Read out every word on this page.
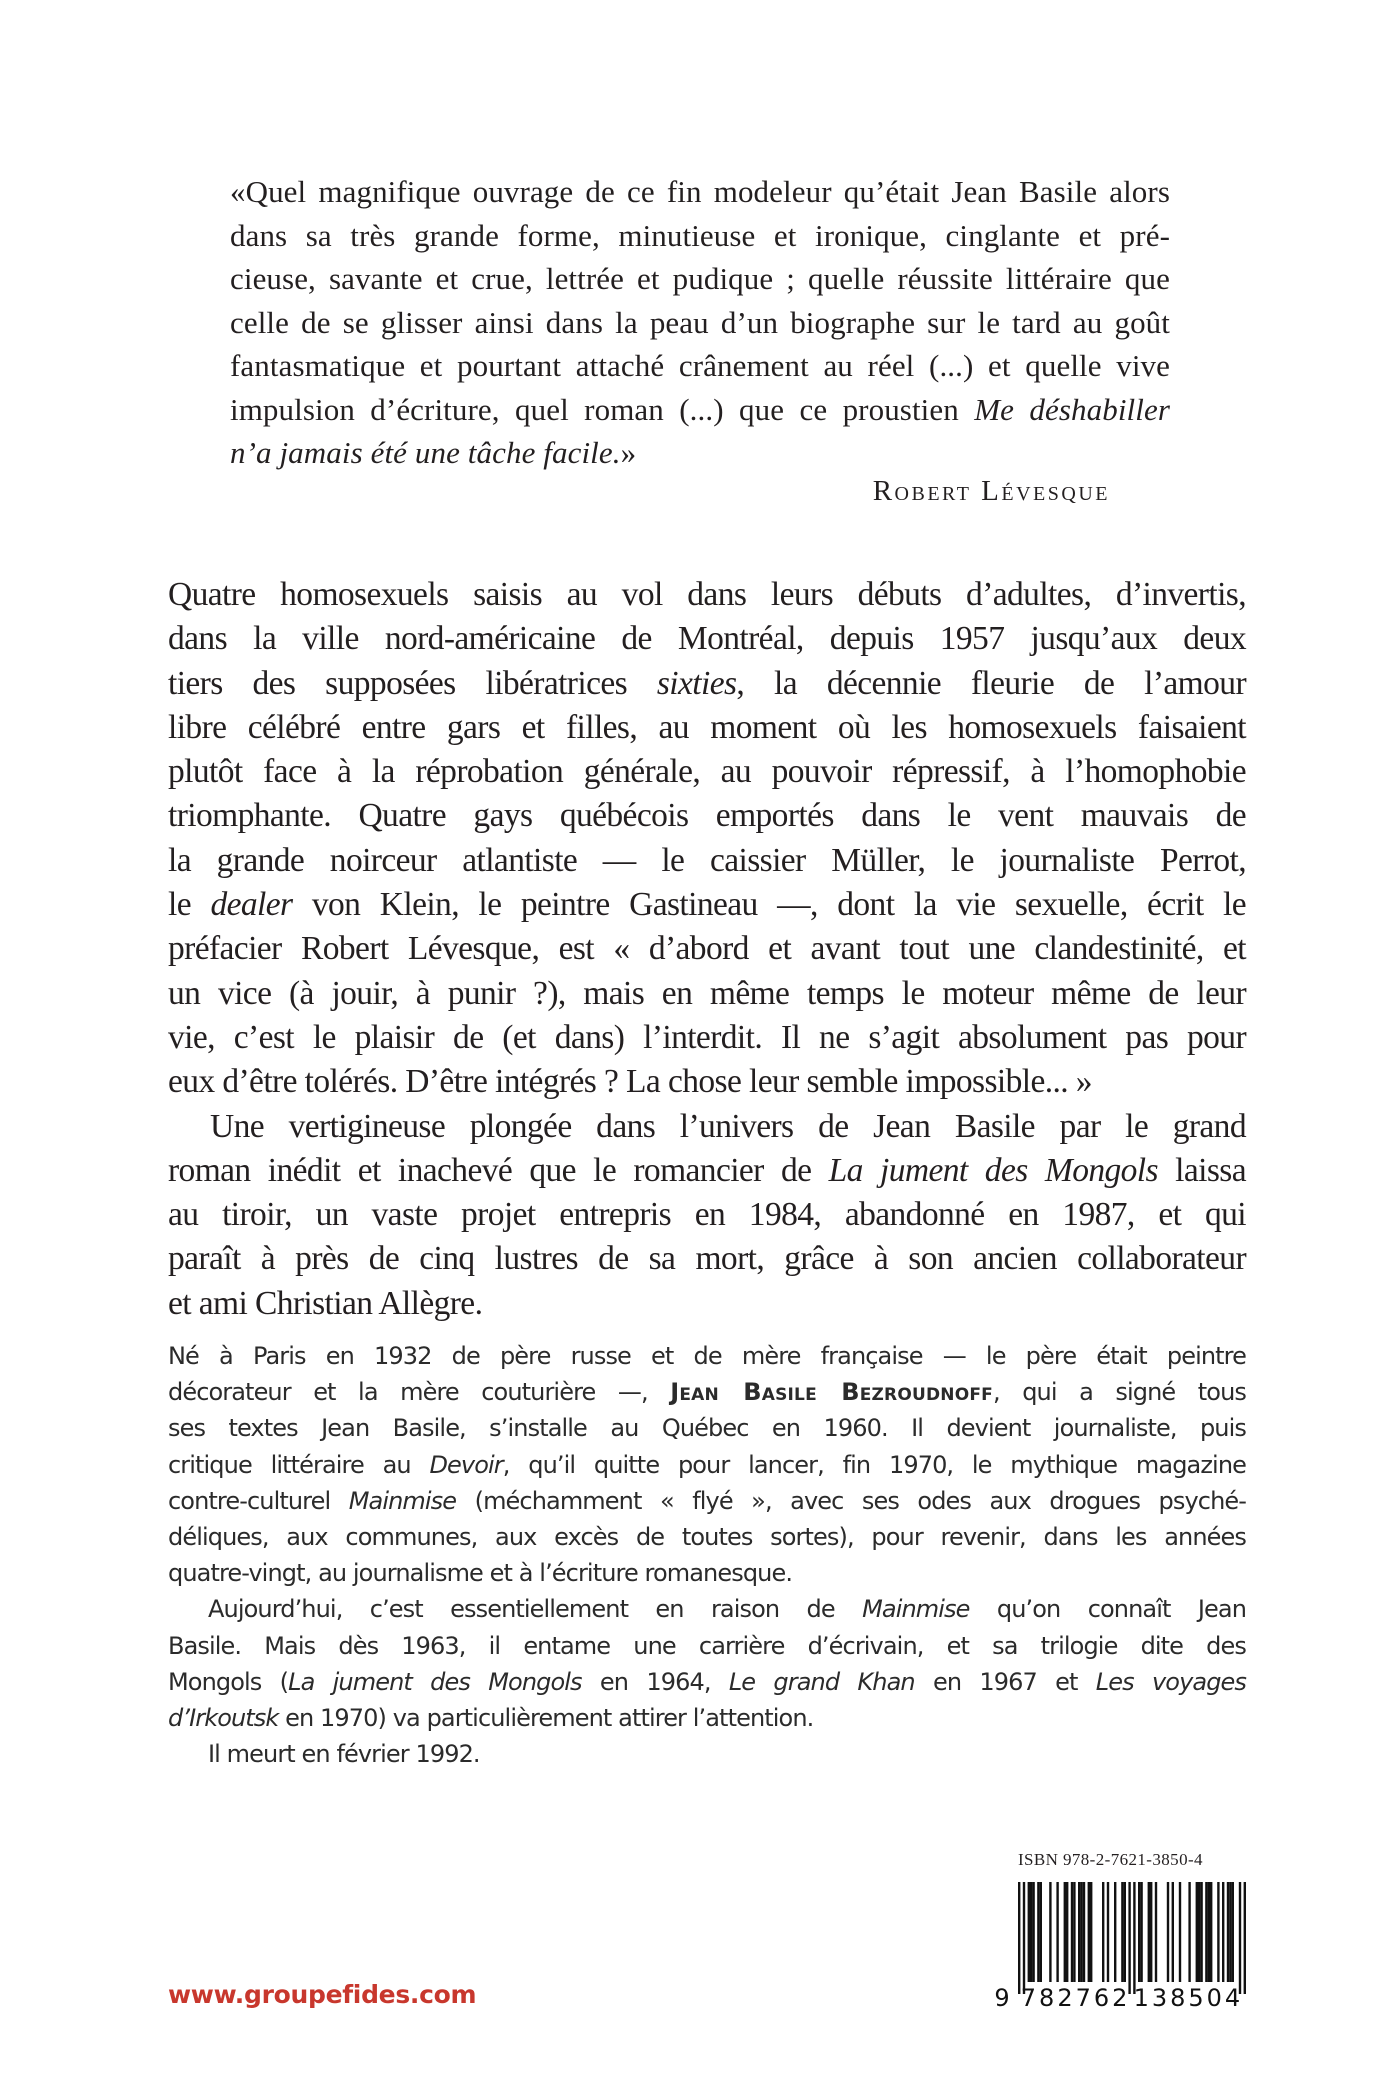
«Quel magnifique ouvrage de ce fin modeleur qu’était Jean Basile alors
dans sa très grande forme, minutieuse et ironique, cinglante et pré-
cieuse, savante et crue, lettrée et pudique ; quelle réussite littéraire que
celle de se glisser ainsi dans la peau d’un biographe sur le tard au goût
fantasmatique et pourtant attaché crânement au réel (...) et quelle vive
impulsion d’écriture, quel roman (...) que ce proustien Me déshabiller
n’a jamais été une tâche facile.»
Robert Lévesque
Quatre homosexuels saisis au vol dans leurs débuts d’adultes, d’invertis,
dans la ville nord-américaine de Montréal, depuis 1957 jusqu’aux deux
tiers des supposées libératrices sixties, la décennie fleurie de l’amour
libre célébré entre gars et filles, au moment où les homosexuels faisaient
plutôt face à la réprobation générale, au pouvoir répressif, à l’homophobie
triomphante. Quatre gays québécois emportés dans le vent mauvais de
la grande noirceur atlantiste — le caissier Müller, le journaliste Perrot,
le dealer von Klein, le peintre Gastineau —, dont la vie sexuelle, écrit le
préfacier Robert Lévesque, est « d’abord et avant tout une clandestinité, et
un vice (à jouir, à punir ?), mais en même temps le moteur même de leur
vie, c’est le plaisir de (et dans) l’interdit. Il ne s’agit absolument pas pour
eux d’être tolérés. D’être intégrés ? La chose leur semble impossible... »
Une vertigineuse plongée dans l’univers de Jean Basile par le grand
roman inédit et inachevé que le romancier de La jument des Mongols laissa
au tiroir, un vaste projet entrepris en 1984, abandonné en 1987, et qui
paraît à près de cinq lustres de sa mort, grâce à son ancien collaborateur
et ami Christian Allègre.
Né à Paris en 1932 de père russe et de mère française — le père était peintre
décorateur et la mère couturière —, Jean Basile Bezroudnoff, qui a signé tous
ses textes Jean Basile, s’installe au Québec en 1960. Il devient journaliste, puis
critique littéraire au Devoir, qu’il quitte pour lancer, fin 1970, le mythique magazine
contre-culturel Mainmise (méchamment « flyé », avec ses odes aux drogues psyché-
déliques, aux communes, aux excès de toutes sortes), pour revenir, dans les années
quatre-vingt, au journalisme et à l’écriture romanesque.
Aujourd’hui, c’est essentiellement en raison de Mainmise qu’on connaît Jean
Basile. Mais dès 1963, il entame une carrière d’écrivain, et sa trilogie dite des
Mongols (La jument des Mongols en 1964, Le grand Khan en 1967 et Les voyages
d’Irkoutsk en 1970) va particulièrement attirer l’attention.
Il meurt en février 1992.
www.groupefides.com
ISBN 978-2-7621-3850-4
9 782762 138504
